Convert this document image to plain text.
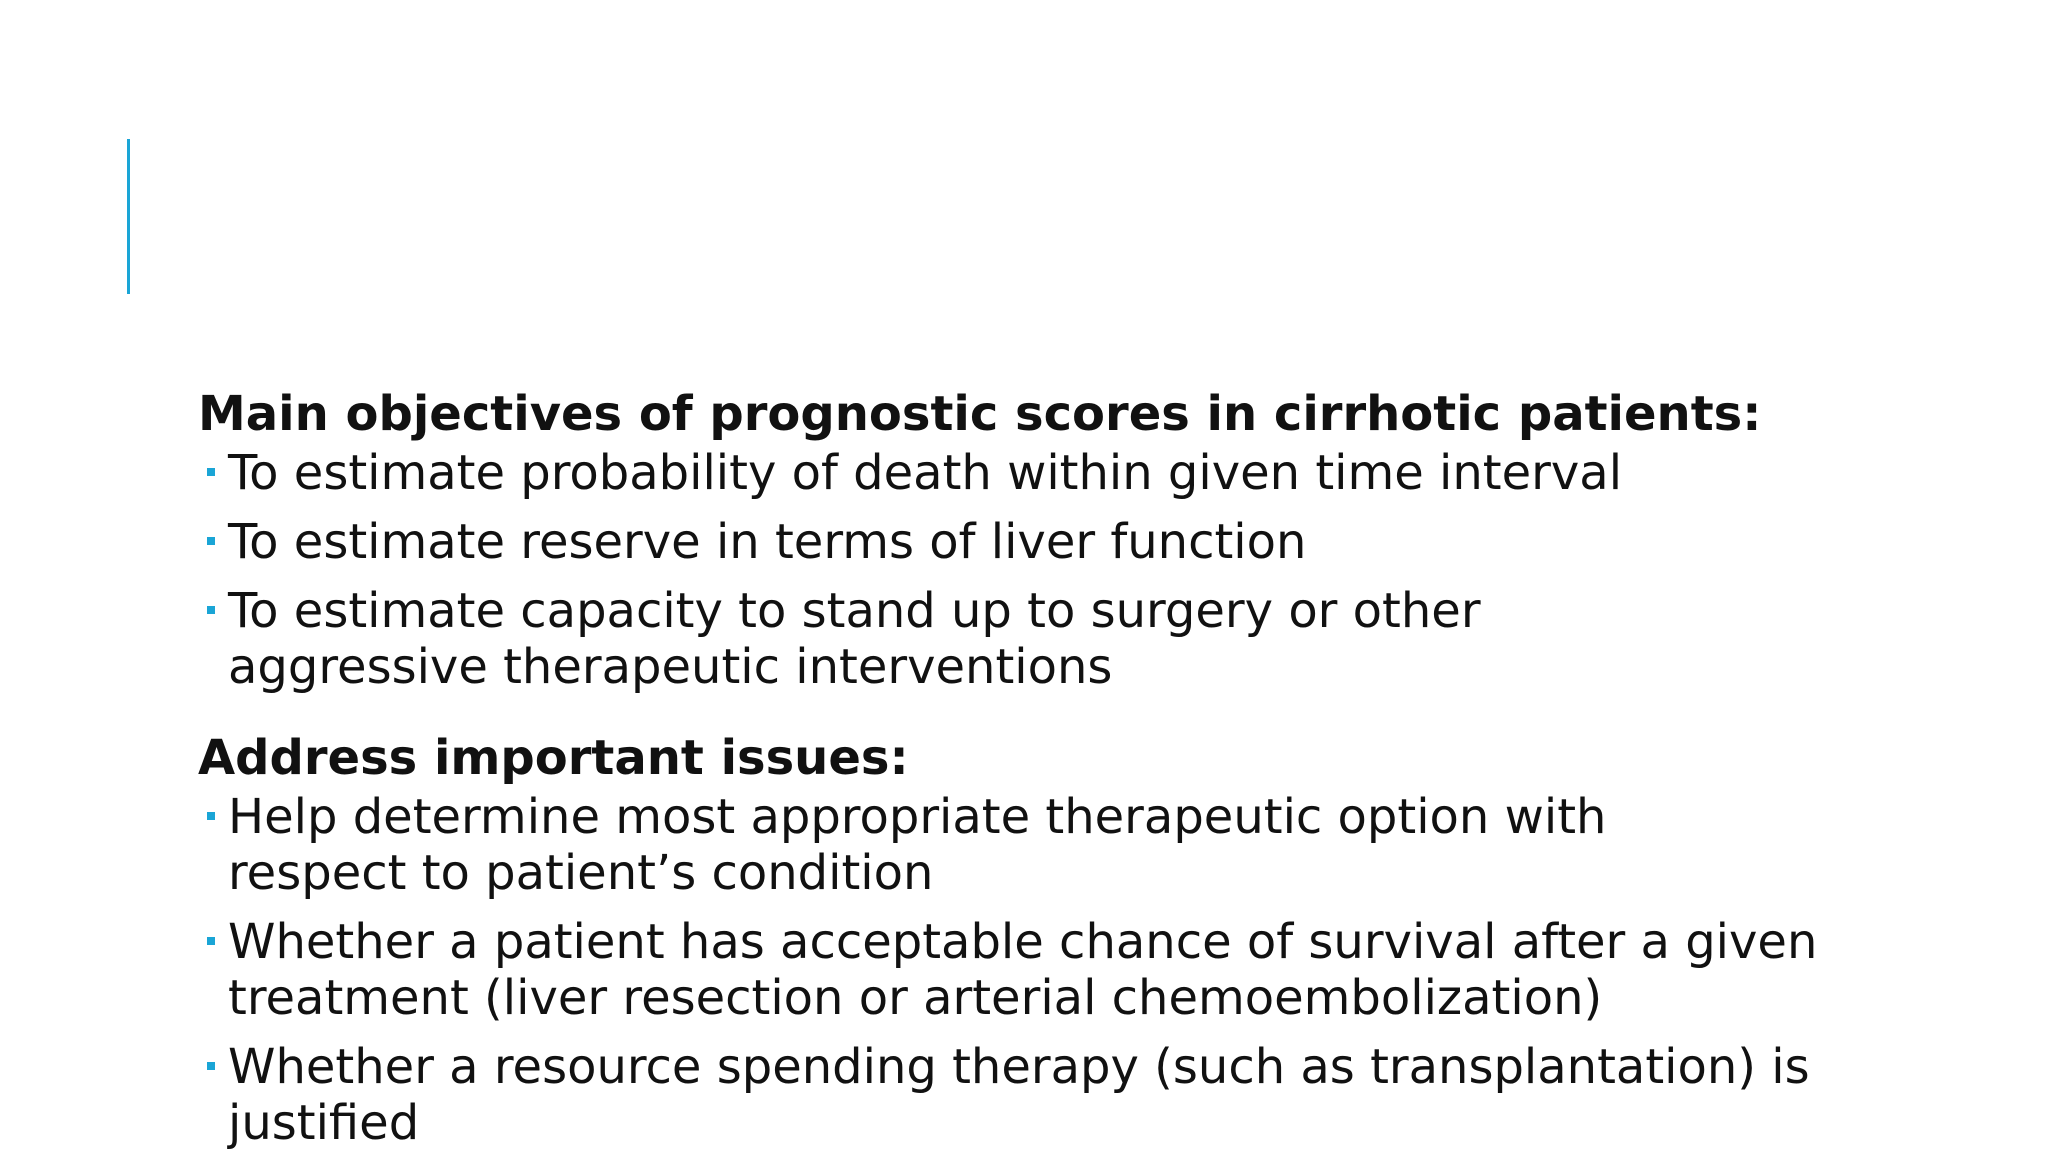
Main objectives of prognostic scores in cirrhotic patients:

To estimate probability of death within given time interval
To estimate reserve in terms of liver function
To estimate capacity to stand up to surgery or other aggressive therapeutic interventions

Address important issues:

Help determine most appropriate therapeutic option with respect to patient’s condition
Whether a patient has acceptable chance of survival after a given treatment (liver resection or arterial chemoembolization)
Whether a resource spending therapy (such as transplantation) is justified
